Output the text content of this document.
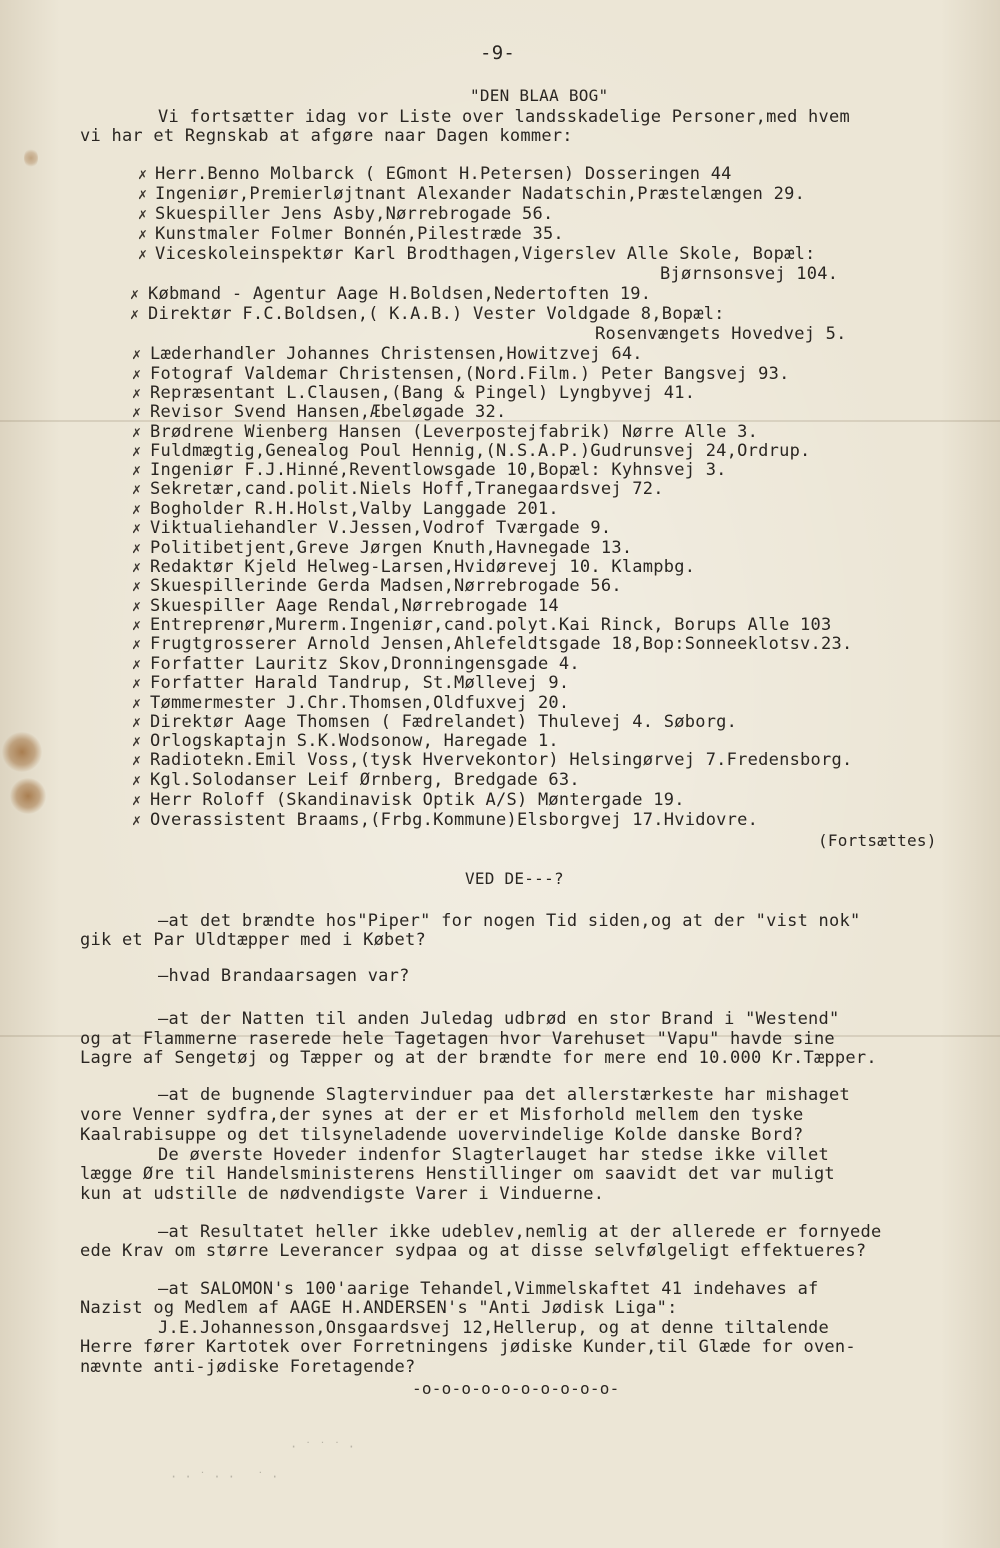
· ˙ ˙ ˙ ·
· · ˙ · ·   ˙ ·
-9-
"DEN BLAA BOG"
Vi fortsætter idag vor Liste over landsskadelige Personer,med hvem
vi har et Regnskab at afgøre naar Dagen kommer:
✗ Herr.Benno Molbarck ( EGmont H.Petersen) Dosseringen 44
✗ Ingeniør,Premierløjtnant Alexander Nadatschin,Præstelængen 29.
✗ Skuespiller Jens Asby,Nørrebrogade 56.
✗ Kunstmaler Folmer Bonnén,Pilestræde 35.
✗ Viceskoleinspektør Karl Brodthagen,Vigerslev Alle Skole, Bopæl:
Bjørnsonsvej 104.
✗ Købmand - Agentur Aage H.Boldsen,Nedertoften 19.
✗ Direktør F.C.Boldsen,( K.A.B.) Vester Voldgade 8,Bopæl:
Rosenvængets Hovedvej 5.
✗ Læderhandler Johannes Christensen,Howitzvej 64.
✗ Fotograf Valdemar Christensen,(Nord.Film.) Peter Bangsvej 93.
✗ Repræsentant L.Clausen,(Bang & Pingel) Lyngbyvej 41.
✗ Revisor Svend Hansen,Æbeløgade 32.
✗ Brødrene Wienberg Hansen (Leverpostejfabrik) Nørre Alle 3.
✗ Fuldmægtig,Genealog Poul Hennig,(N.S.A.P.)Gudrunsvej 24,Ordrup.
✗ Ingeniør F.J.Hinné,Reventlowsgade 10,Bopæl: Kyhnsvej 3.
✗ Sekretær,cand.polit.Niels Hoff,Tranegaardsvej 72.
✗ Bogholder R.H.Holst,Valby Langgade 201.
✗ Viktualiehandler V.Jessen,Vodrof Tværgade 9.
✗ Politibetjent,Greve Jørgen Knuth,Havnegade 13.
✗ Redaktør Kjeld Helweg-Larsen,Hvidørevej 10. Klampbg.
✗ Skuespillerinde Gerda Madsen,Nørrebrogade 56.
✗ Skuespiller Aage Rendal,Nørrebrogade 14
✗ Entreprenør,Murerm.Ingeniør,cand.polyt.Kai Rinck, Borups Alle 103
✗ Frugtgrosserer Arnold Jensen,Ahlefeldtsgade 18,Bop:Sonneeklotsv.23.
✗ Forfatter Lauritz Skov,Dronningensgade 4.
✗ Forfatter Harald Tandrup, St.Møllevej 9.
✗ Tømmermester J.Chr.Thomsen,Oldfuxvej 20.
✗ Direktør Aage Thomsen ( Fædrelandet) Thulevej 4. Søborg.
✗ Orlogskaptajn S.K.Wodsonow, Haregade 1.
✗ Radiotekn.Emil Voss,(tysk Hvervekontor) Helsingørvej 7.Fredensborg.
✗ Kgl.Solodanser Leif Ørnberg, Bredgade 63.
✗ Herr Roloff (Skandinavisk Optik A/S) Møntergade 19.
✗ Overassistent Braams,(Frbg.Kommune)Elsborgvej 17.Hvidovre.
(Fortsættes)
VED DE---?
—at det brændte hos"Piper" for nogen Tid siden,og at der "vist nok"
gik et Par Uldtæpper med i Købet?
—hvad Brandaarsagen var?
—at der Natten til anden Juledag udbrød en stor Brand i "Westend"
og at Flammerne raserede hele Tagetagen hvor Varehuset "Vapu" havde sine
Lagre af Sengetøj og Tæpper og at der brændte for mere end 10.000 Kr.Tæpper.
—at de bugnende Slagtervinduer paa det allerstærkeste har mishaget
vore Venner sydfra,der synes at der er et Misforhold mellem den tyske
Kaalrabisuppe og det tilsyneladende uovervindelige Kolde danske Bord?
De øverste Hoveder indenfor Slagterlauget har stedse ikke villet
lægge Øre til Handelsministerens Henstillinger om saavidt det var muligt
kun at udstille de nødvendigste Varer i Vinduerne.
—at Resultatet heller ikke udeblev,nemlig at der allerede er fornyede
ede Krav om større Leverancer sydpaa og at disse selvfølgeligt effektueres?
—at SALOMON's 100'aarige Tehandel,Vimmelskaftet 41 indehaves af
Nazist og Medlem af AAGE H.ANDERSEN's "Anti Jødisk Liga":
J.E.Johannesson,Onsgaardsvej 12,Hellerup, og at denne tiltalende
Herre fører Kartotek over Forretningens jødiske Kunder,til Glæde for oven-
nævnte anti-jødiske Foretagende?
-o-o-o-o-o-o-o-o-o-o-
